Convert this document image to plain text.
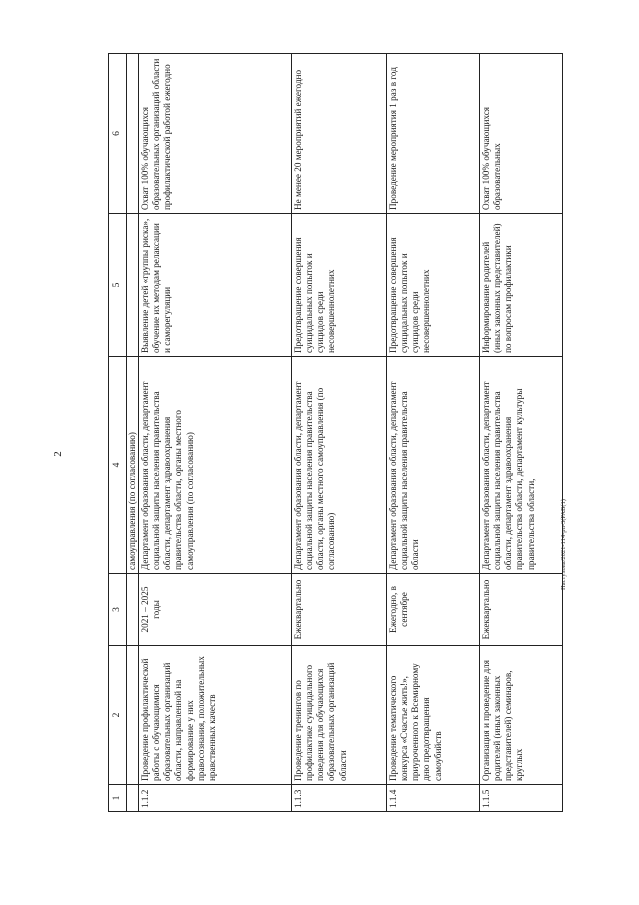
2
Пастухова/2021-114-рп-3(РАВ(1)
1	2	3	4	5	6
			самоуправления (по согласованию)		
1.1.2	Проведение профилактической работы с обучающимися образовательных организаций области, направленной на формирование у них правосознания, положительных нравственных качеств	2021 – 2025 годы	Департамент образования области, департамент социальной защиты населения правительства области, департамент здравоохранения правительства области, органы местного самоуправления (по согласованию)	Выявление детей «группы риска», обучение их методам релаксации и саморегуляции	Охват 100% обучающихся образовательных организаций области профилактической работой ежегодно
1.1.3	Проведение тренингов по профилактике суицидального поведения для обучающихся образовательных организаций области	Ежеквартально	Департамент образования области, департамент социальной защиты населения правительства области, органы местного самоуправления (по согласованию)	Предотвращение совершения суицидальных попыток и суицидов среди несовершеннолетних	Не менее 20 мероприятий ежегодно
1.1.4	Проведение тематического конкурса «Счастье жить!», приуроченного к Всемирному дню предотвращения самоубийств	Ежегодно, в сентябре	Департамент образования области, департамент социальной защиты населения правительства области	Предотвращение совершения суицидальных попыток и суицидов среди несовершеннолетних	Проведение мероприятия 1 раз в год
1.1.5	Организация и проведение для родителей (иных законных представителей) семинаров, круглых	Ежеквартально	Департамент образования области, департамент социальной защиты населения правительства области, департамент здравоохранения правительства области, департамент культуры правительства области,	Информирование родителей (иных законных представителей) по вопросам профилактики	Охват 100% обучающихся образовательных
